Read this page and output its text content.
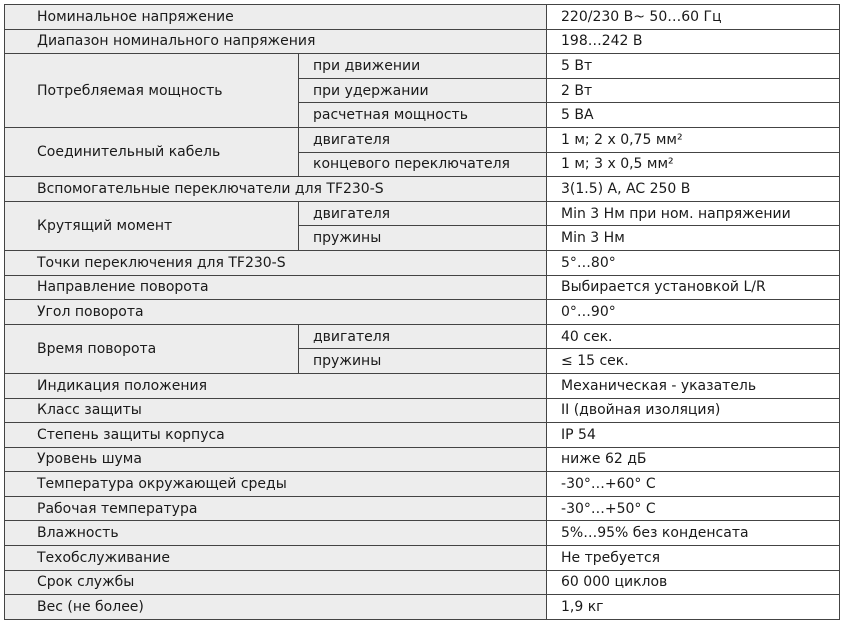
Номинальное напряжение		220/230 В~ 50…60 Гц
Диапазон номинального напряжения		198…242 В
Потребляемая мощность	при движении	5 Вт
	при удержании	2 Вт
	расчетная мощность	5 ВА
Соединительный кабель	двигателя	1 м; 2 x 0,75 мм²
	концевого переключателя	1 м; 3 x 0,5 мм²
Вспомогательные переключатели для TF230-S		3(1.5) A, AC 250 В
Крутящий момент	двигателя	Min 3 Нм при ном. напряжении
	пружины	Min 3 Нм
Точки переключения для TF230-S		5°…80°
Направление поворота		Выбирается установкой L/R
Угол поворота		0°…90°
Время поворота	двигателя	40 сек.
	пружины	≤ 15 сек.
Индикация положения		Механическая - указатель
Класс защиты		II (двойная изоляция)
Степень защиты корпуса		IP 54
Уровень шума		ниже 62 дБ
Температура окружающей среды		-30°…+60° С
Рабочая температура		-30°…+50° С
Влажность		5%…95% без конденсата
Техобслуживание		Не требуется
Срок службы		60 000 циклов
Вес (не более)		1,9 кг
